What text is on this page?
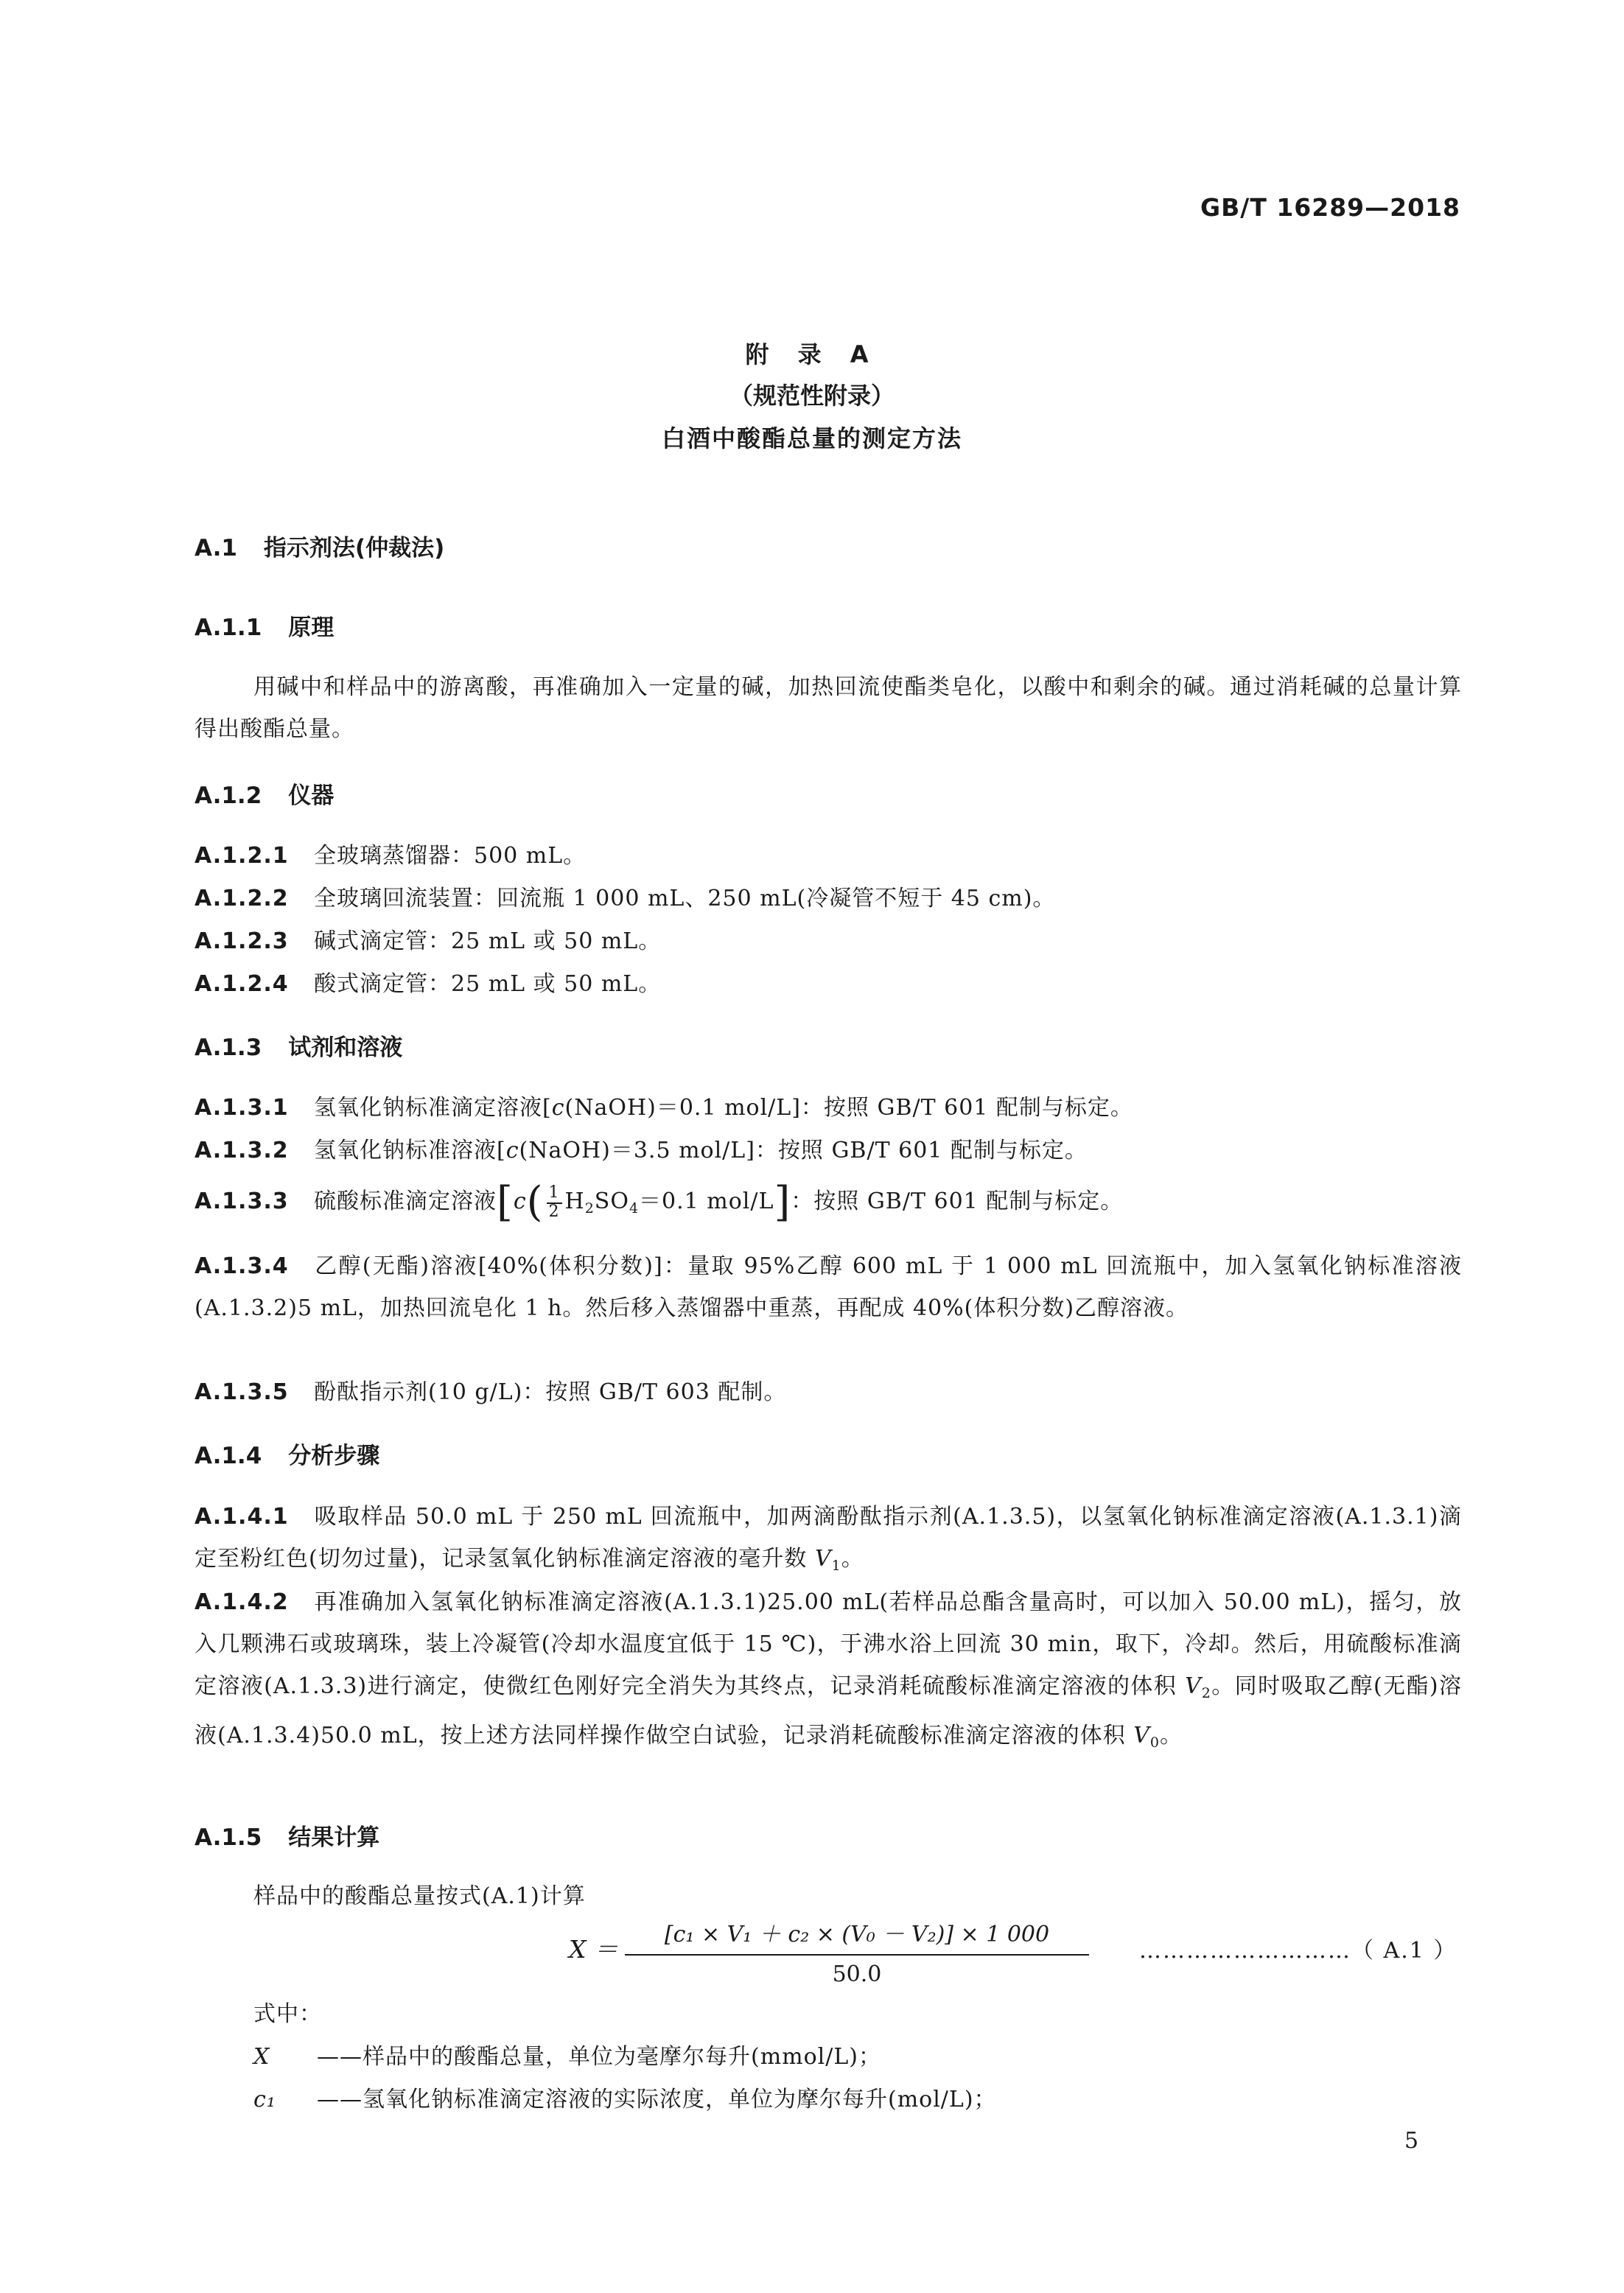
GB/T 16289—2018
附 录 A
（规范性附录）
白酒中酸酯总量的测定方法
A.1 指示剂法(仲裁法)
A.1.1 原理
用碱中和样品中的游离酸，再准确加入一定量的碱，加热回流使酯类皂化，以酸中和剩余的碱。通过消耗碱的总量计算得出酸酯总量。
A.1.2 仪器
A.1.2.1 全玻璃蒸馏器：500 mL。
A.1.2.2 全玻璃回流装置：回流瓶 1 000 mL、250 mL(冷凝管不短于 45 cm)。
A.1.2.3 碱式滴定管：25 mL 或 50 mL。
A.1.2.4 酸式滴定管：25 mL 或 50 mL。
A.1.3 试剂和溶液
A.1.3.1 氢氧化钠标准滴定溶液[c(NaOH)＝0.1 mol/L]：按照 GB/T 601 配制与标定。
A.1.3.2 氢氧化钠标准溶液[c(NaOH)＝3.5 mol/L]：按照 GB/T 601 配制与标定。
A.1.3.3 硫酸标准滴定溶液[$c( \frac{1}{2} H_2SO_4=0.1$ mol/L]：按照 GB/T 601 配制与标定。
A.1.3.4 乙醇(无酯)溶液[40%(体积分数)]：量取 95%乙醇 600 mL 于 1 000 mL 回流瓶中，加入氢氧化钠标准溶液(A.1.3.2)5 mL，加热回流皂化 1 h。然后移入蒸馏器中重蒸，再配成 40%(体积分数)乙醇溶液。
A.1.3.5 酚酞指示剂(10 g/L)：按照 GB/T 603 配制。
A.1.4 分析步骤
A.1.4.1 吸取样品 50.0 mL 于 250 mL 回流瓶中，加两滴酚酞指示剂(A.1.3.5)，以氢氧化钠标准滴定溶液(A.1.3.1)滴定至粉红色(切勿过量)，记录氢氧化钠标准滴定溶液的毫升数 $V_1$。
A.1.4.2 再准确加入氢氧化钠标准滴定溶液(A.1.3.1)25.00 mL(若样品总酯含量高时，可以加入 50.00 mL)，摇匀，放入几颗沸石或玻璃珠，装上冷凝管(冷却水温度宜低于 15 ℃)，于沸水浴上回流 30 min，取下，冷却。然后，用硫酸标准滴定溶液(A.1.3.3)进行滴定，使微红色刚好完全消失为其终点，记录消耗硫酸标准滴定溶液的体积 $V_2$。同时吸取乙醇(无酯)溶液(A.1.3.4)50.0 mL，按上述方法同样操作做空白试验，记录消耗硫酸标准滴定溶液的体积 $V_0$。
A.1.5 结果计算
样品中的酸酯总量按式(A.1)计算
$X = \frac{\text{[c₁ × V₁ ＋ c₂ × (V₀ － V₂)] × 1 000}}{50.0}$ ………………………（ A.1 ）
式中：
X ——样品中的酸酯总量，单位为毫摩尔每升(mmol/L)；
c₁ ——氢氧化钠标准滴定溶液的实际浓度，单位为摩尔每升(mol/L)；
5
